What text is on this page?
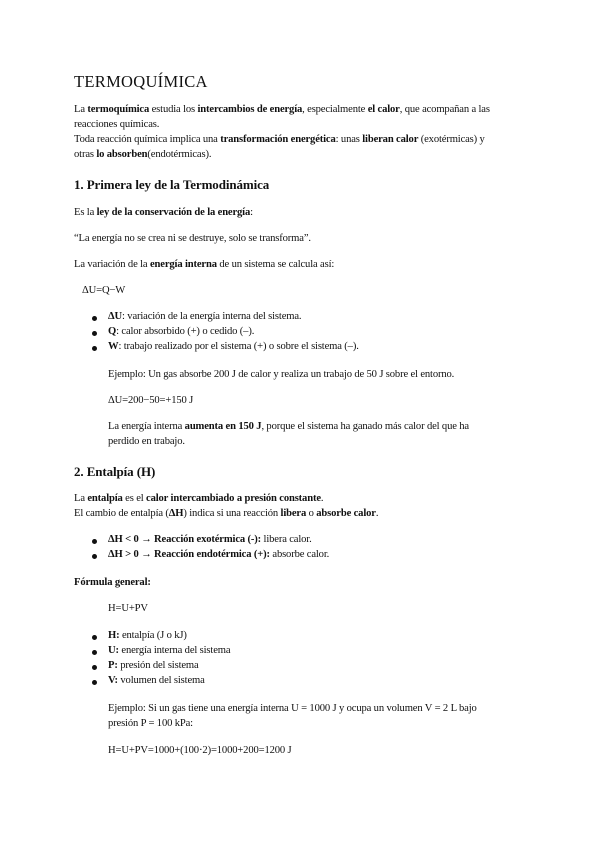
TERMOQUÍMICA
La termoquímica estudia los intercambios de energía, especialmente el calor, que acompañan a las
reacciones químicas.
Toda reacción química implica una transformación energética: unas liberan calor (exotérmicas) y
otras lo absorben(endotérmicas).
1. Primera ley de la Termodinámica
Es la ley de la conservación de la energía:
“La energía no se crea ni se destruye, solo se transforma”.
La variación de la energía interna de un sistema se calcula así:
ΔU=Q−W
ΔU: variación de la energía interna del sistema.
Q: calor absorbido (+) o cedido (–).
W: trabajo realizado por el sistema (+) o sobre el sistema (–).
Ejemplo: Un gas absorbe 200 J de calor y realiza un trabajo de 50 J sobre el entorno.
ΔU=200−50=+150 J
La energía interna aumenta en 150 J, porque el sistema ha ganado más calor del que ha
perdido en trabajo.
2. Entalpía (H)
La entalpía es el calor intercambiado a presión constante.
El cambio de entalpía (ΔH) indica si una reacción libera o absorbe calor.
ΔH < 0 → Reacción exotérmica (-): libera calor.
ΔH > 0 → Reacción endotérmica (+): absorbe calor.
Fórmula general:
H=U+PV
H: entalpía (J o kJ)
U: energía interna del sistema
P: presión del sistema
V: volumen del sistema
Ejemplo: Si un gas tiene una energía interna U = 1000 J y ocupa un volumen V = 2 L bajo
presión P = 100 kPa:
H=U+PV=1000+(100⋅2)=1000+200=1200 J
